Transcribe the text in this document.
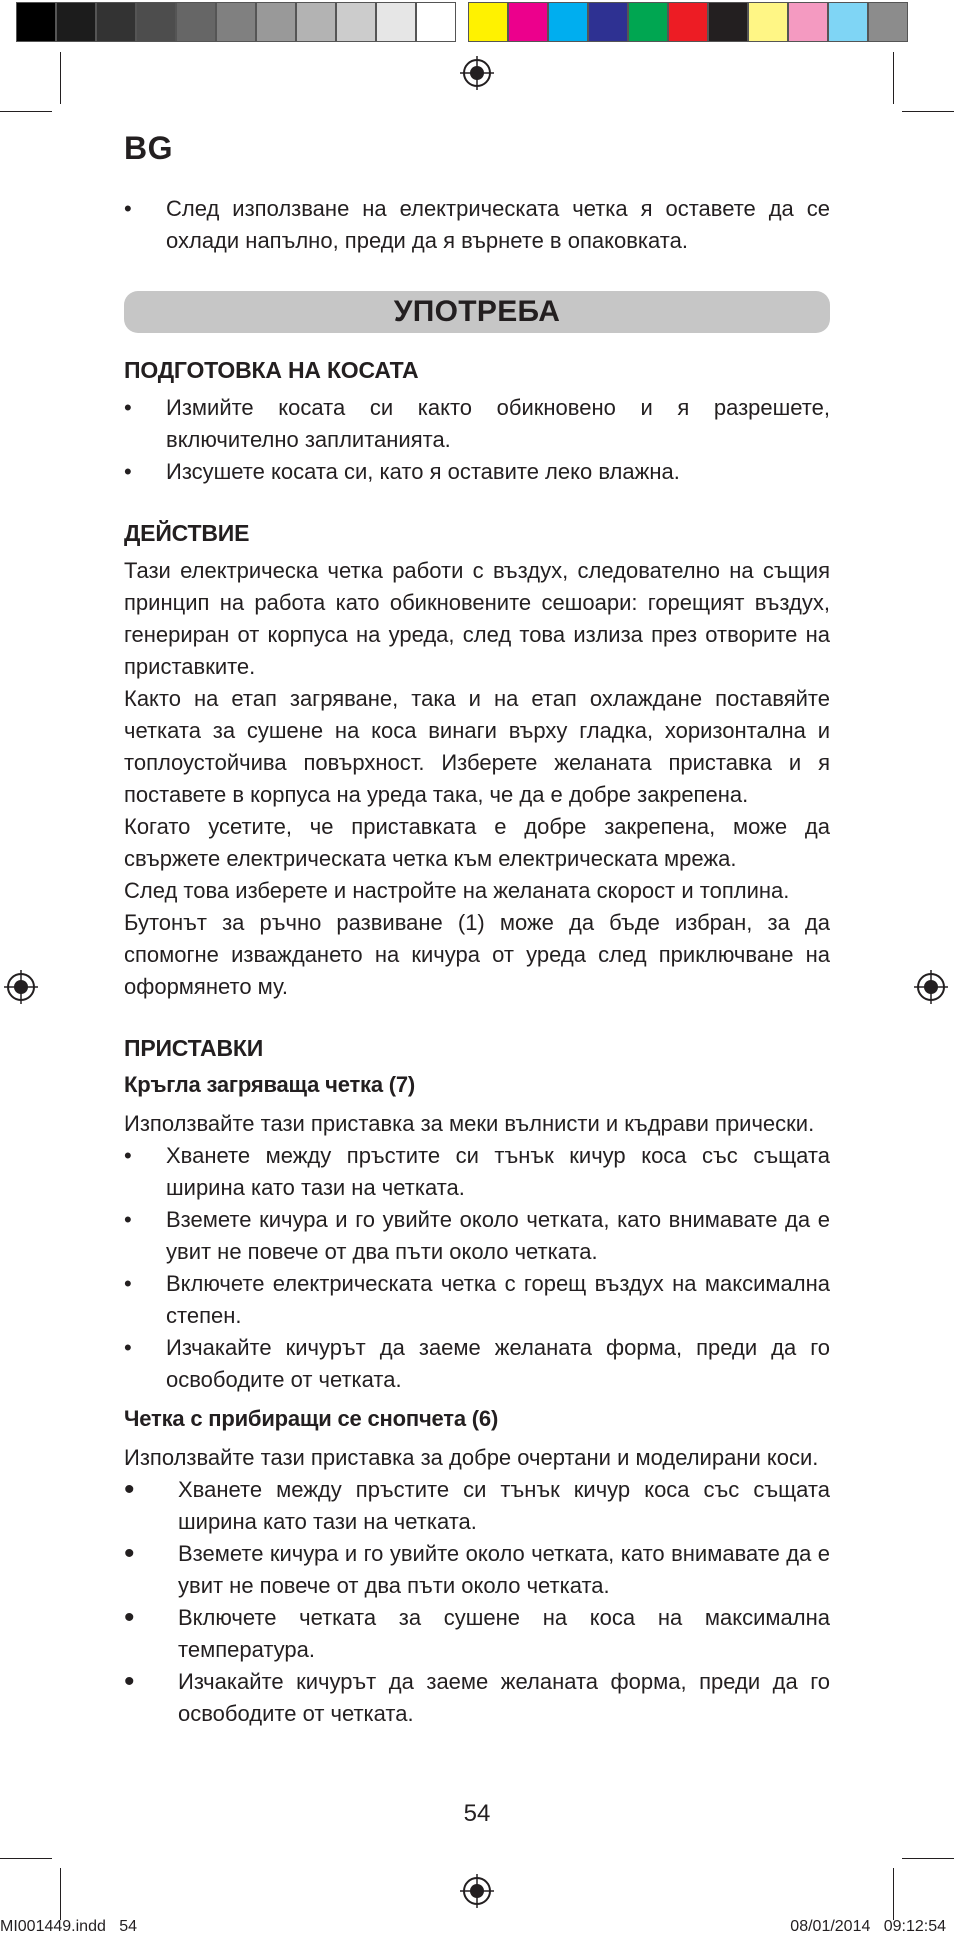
BG
• След използване на електрическата четка я оставете да се охлади напълно, преди да я върнете в опаковката.
УПОТРЕБА
ПОДГОТОВКА НА КОСАТА
• Измийте косата си както обикновено и я разрешете, включително заплитанията.
• Изсушете косата си, като я оставите леко влажна.
ДЕЙСТВИЕ

Тази електрическа четка работи с въздух, следователно на същия принцип на работа като обикновените сешоари: горещият въздух, генериран от корпуса на уреда, след това излиза през отворите на приставките.

Както на етап загряване, така и на етап охлаждане поставяйте четката за сушене на коса винаги върху гладка, хоризонтална и топлоустойчива повърхност. Изберете желаната приставка и я поставете в корпуса на уреда така, че да е добре закрепена.

Когато усетите, че приставката е добре закрепена, може да свържете електрическата четка към електрическата мрежа.

След това изберете и настройте на желаната скорост и топлина.

Бутонът за ръчно развиване (1) може да бъде избран, за да спомогне изваждането на кичура от уреда след приключване на оформянето му.

ПРИСТАВКИ
Кръгла загряваща четка (7)

Използвайте тази приставка за меки вълнисти и къдрави прически.

• Хванете между пръстите си тънък кичур коса със същата ширина като тази на четката.
• Вземете кичура и го увийте около четката, като внимавате да е увит не повече от два пъти около четката.
• Включете електрическата четка с горещ въздух на максимална степен.
• Изчакайте кичурът да заеме желаната форма, преди да го освободите от четката.
Четка с прибиращи се снопчета (6)

Използвайте тази приставка за добре очертани и моделирани коси.

• Хванете между пръстите си тънък кичур коса със същата ширина като тази на четката.
• Вземете кичура и го увийте около четката, като внимавате да е увит не повече от два пъти около четката.
• Включете четката за сушене на коса на максимална температура.
• Изчакайте кичурът да заеме желаната форма, преди да го освободите от четката.
54
MI001449.indd   54	08/01/2014   09:12:54
